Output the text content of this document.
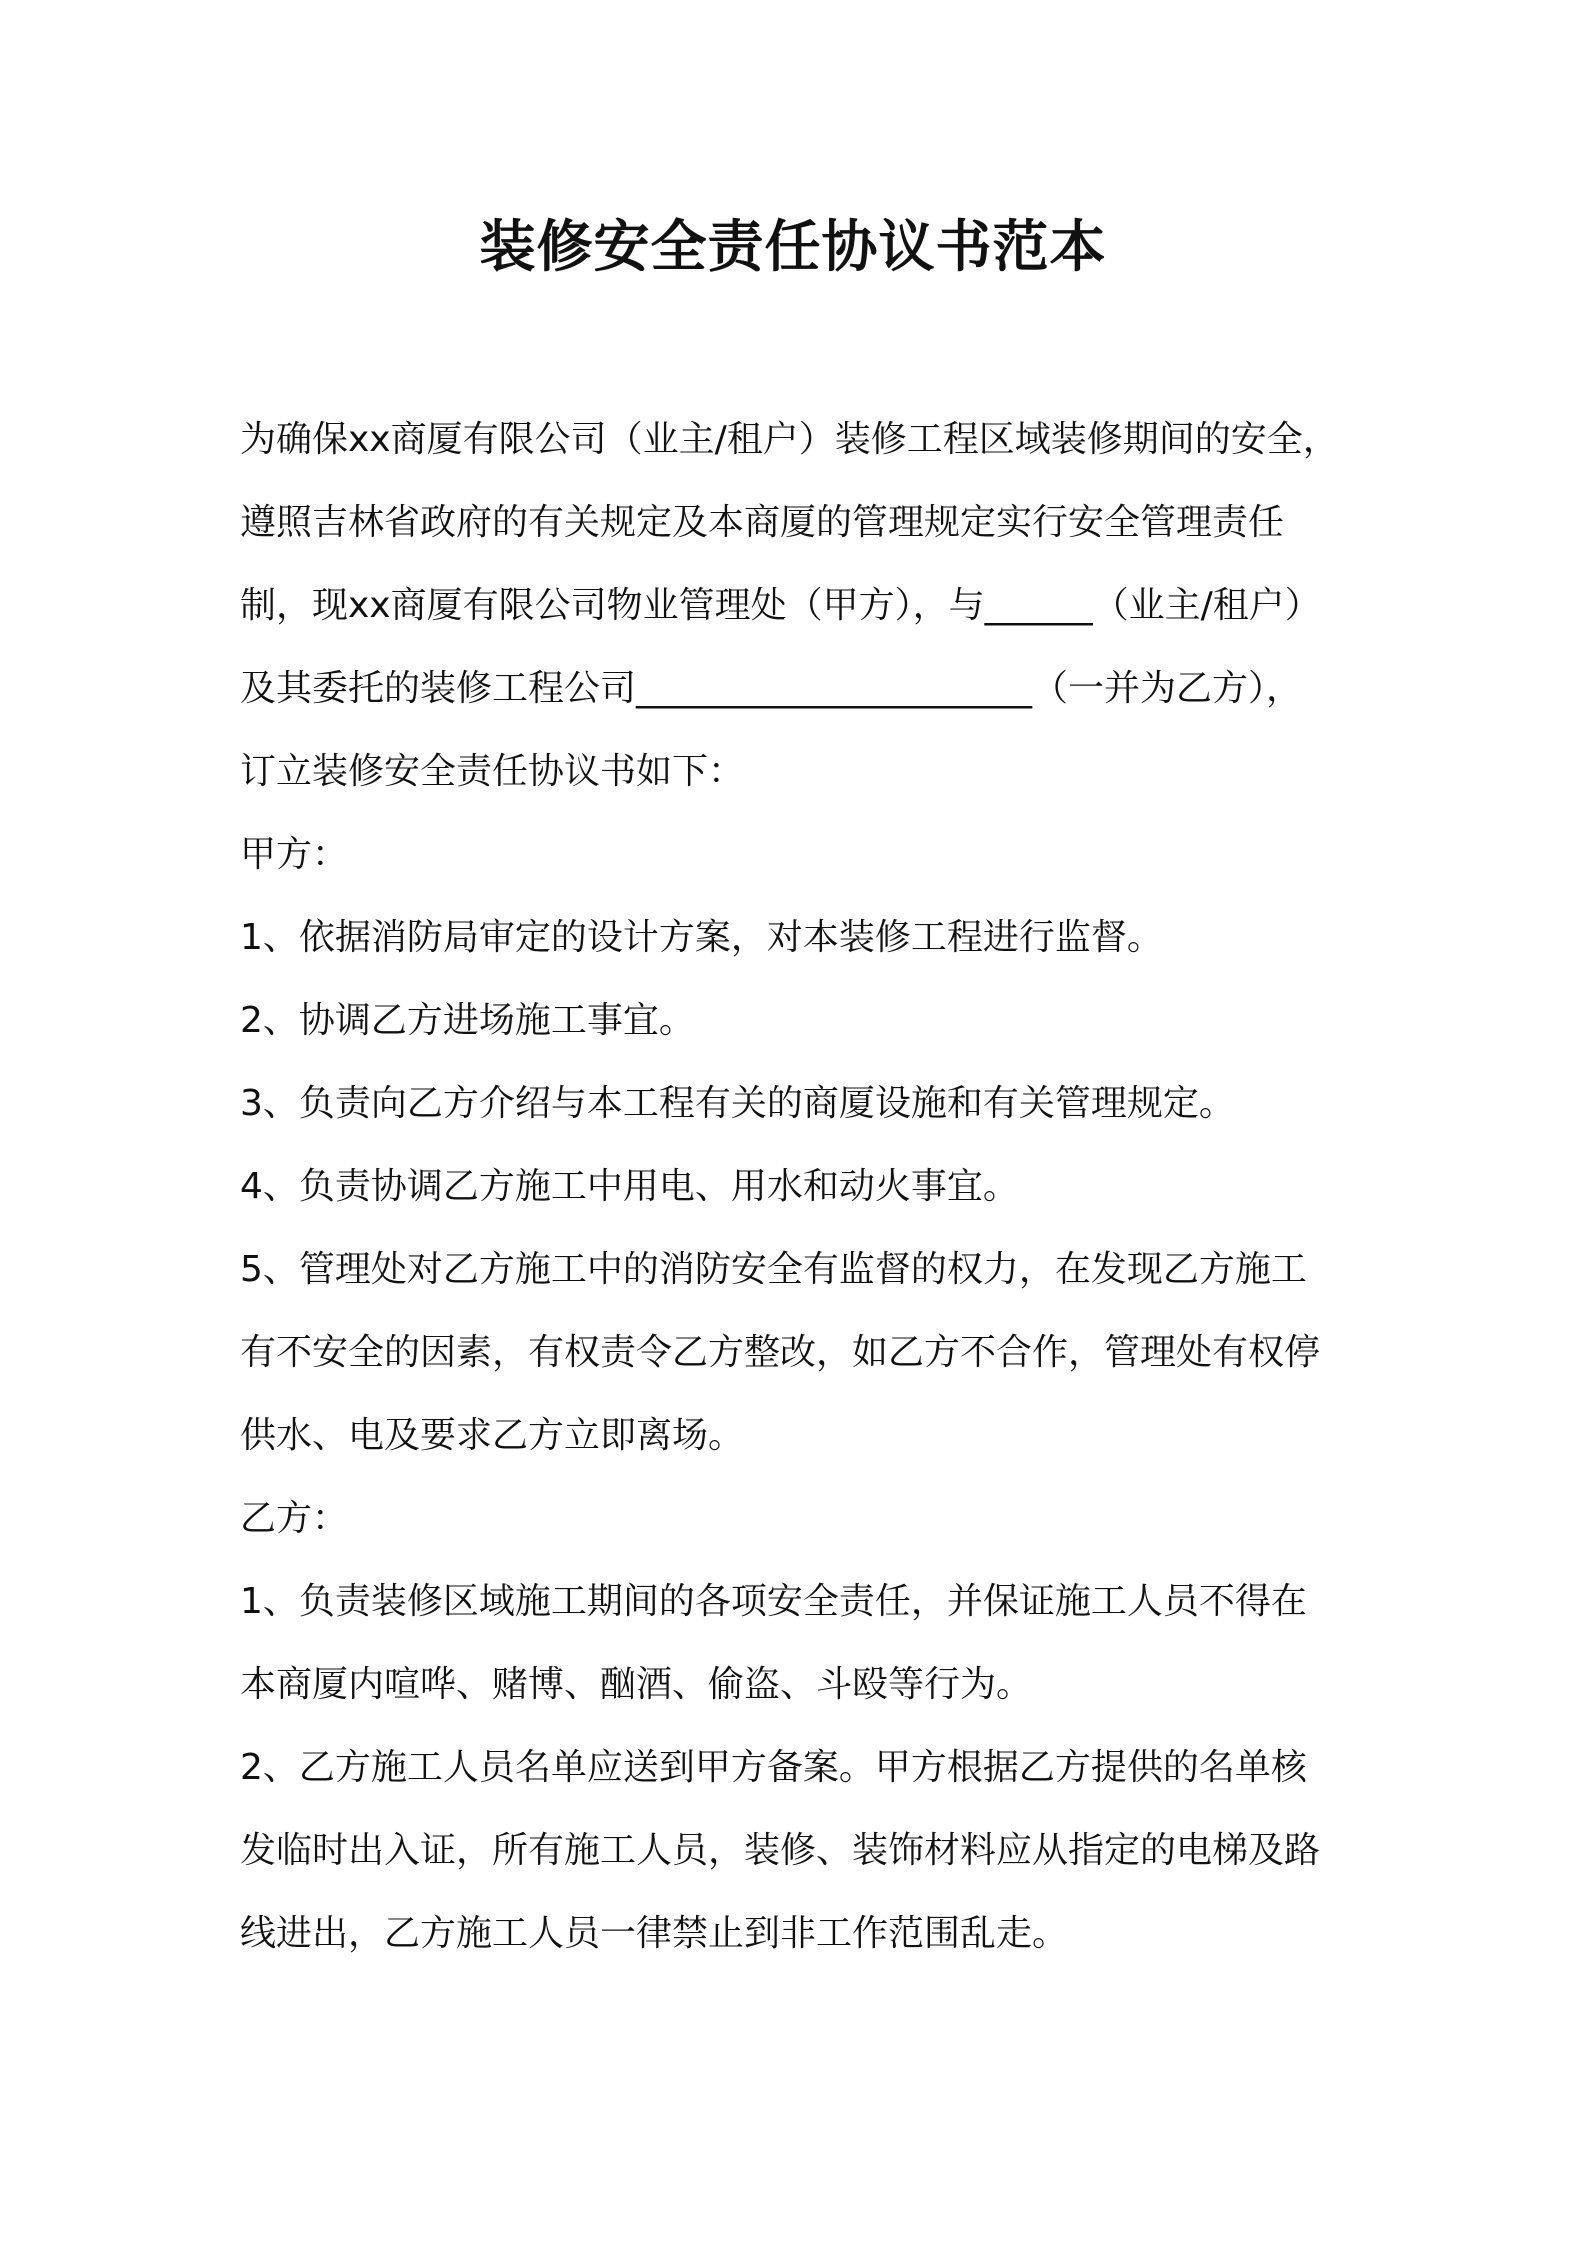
装修安全责任协议书范本

为确保xx商厦有限公司（业主/租户）装修工程区域装修期间的安全，

遵照吉林省政府的有关规定及本商厦的管理规定实行安全管理责任

制，现xx商厦有限公司物业管理处（甲方），与______（业主/租户）

及其委托的装修工程公司______________________（一并为乙方），

订立装修安全责任协议书如下：

甲方：

1、依据消防局审定的设计方案，对本装修工程进行监督。

2、协调乙方进场施工事宜。

3、负责向乙方介绍与本工程有关的商厦设施和有关管理规定。

4、负责协调乙方施工中用电、用水和动火事宜。

5、管理处对乙方施工中的消防安全有监督的权力，在发现乙方施工

有不安全的因素，有权责令乙方整改，如乙方不合作，管理处有权停

供水、电及要求乙方立即离场。

乙方：

1、负责装修区域施工期间的各项安全责任，并保证施工人员不得在

本商厦内喧哗、赌博、酗酒、偷盗、斗殴等行为。

2、乙方施工人员名单应送到甲方备案。甲方根据乙方提供的名单核

发临时出入证，所有施工人员，装修、装饰材料应从指定的电梯及路

线进出，乙方施工人员一律禁止到非工作范围乱走。
